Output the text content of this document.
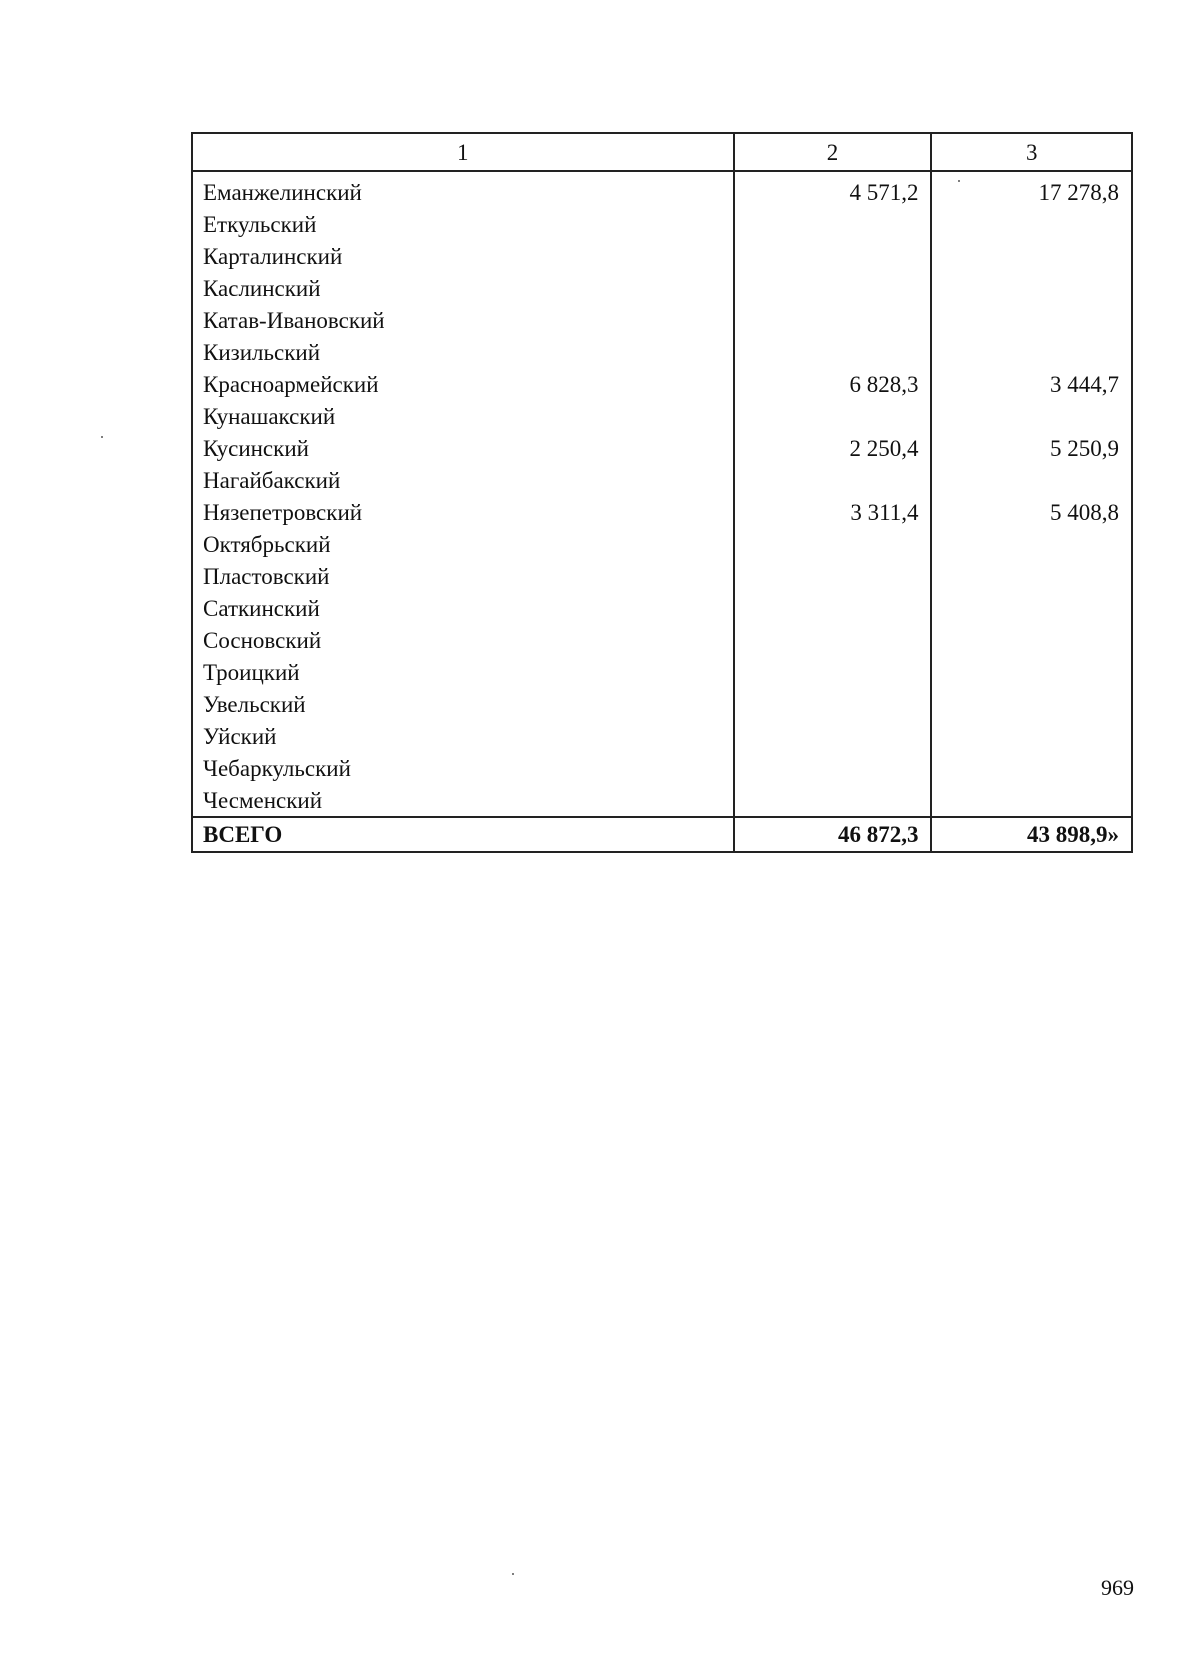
1	2	3
Еманжелинский	4 571,2	17 278,8
Еткульский		
Карталинский		
Каслинский		
Катав-Ивановский		
Кизильский		
Красноармейский	6 828,3	3 444,7
Кунашакский		
Кусинский	2 250,4	5 250,9
Нагайбакский		
Нязепетровский	3 311,4	5 408,8
Октябрьский		
Пластовский		
Саткинский		
Сосновский		
Троицкий		
Увельский		
Уйский		
Чебаркульский		
Чесменский		
ВСЕГО	46 872,3	43 898,9»
969
